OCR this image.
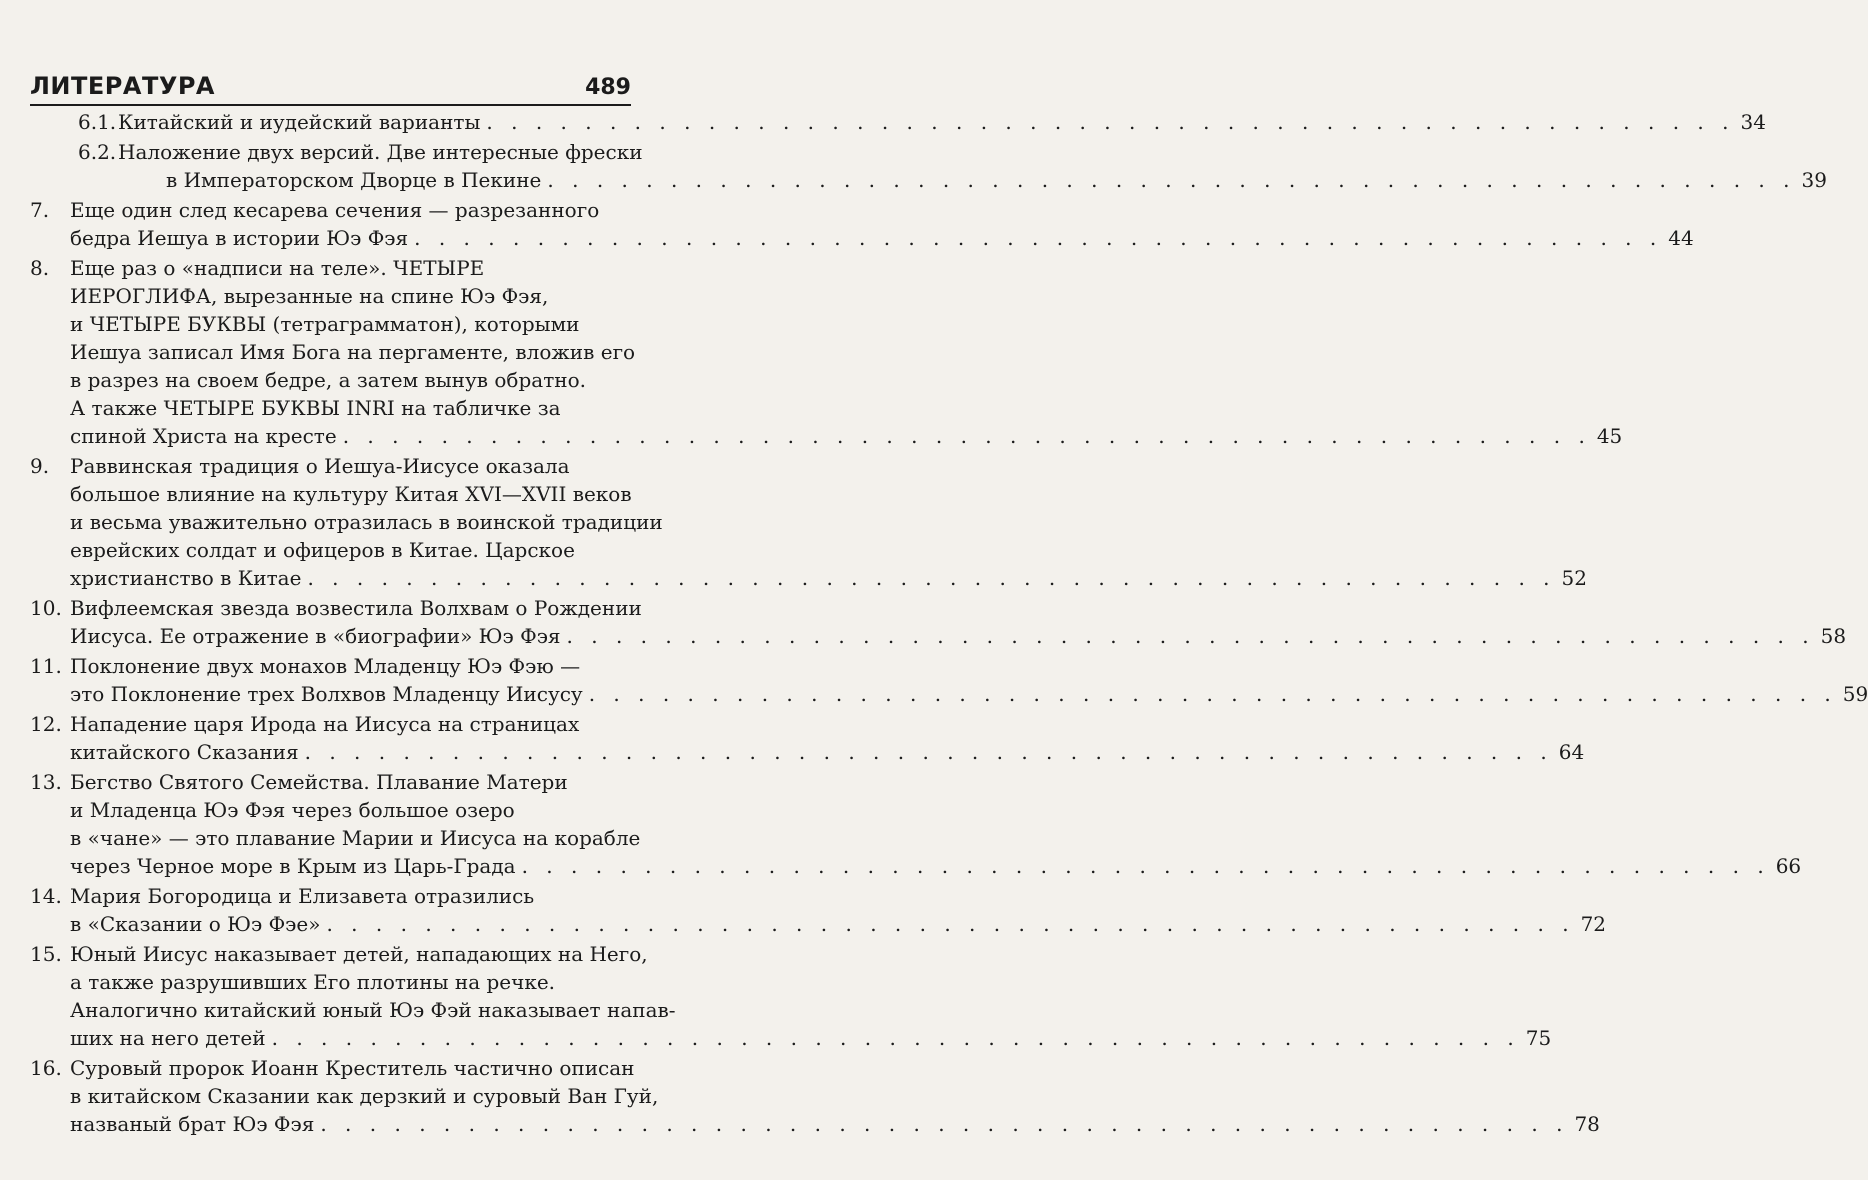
ЛИТЕРАТУРА	489
6.1. Китайский и иудейский варианты . . .	34
6.2. Наложение двух версий. Две интересные фрески
в Императорском Дворце в Пекине . . .	39
7.	Еще один след кесарева сечения — разрезанного
бедра Иешуа в истории Юэ Фэя . . .	44
8.	Еще раз о «надписи на теле». ЧЕТЫРЕ
ИЕРОГЛИФА, вырезанные на спине Юэ Фэя,
и ЧЕТЫРЕ БУКВЫ (тетраграмматон), которыми
Иешуа записал Имя Бога на пергаменте, вложив его
в разрез на своем бедре, а затем вынув обратно.
А также ЧЕТЫРЕ БУКВЫ INRI на табличке за
спиной Христа на кресте . . .	45
9.	Раввинская традиция о Иешуа-Иисусе оказала
большое влияние на культуру Китая XVI—XVII веков
и весьма уважительно отразилась в воинской традиции
еврейских солдат и офицеров в Китае. Царское
христианство в Китае . . .	52
10. Вифлеемская звезда возвестила Волхвам о Рождении
Иисуса. Ее отражение в «биографии» Юэ Фэя . . .	58
11. Поклонение двух монахов Младенцу Юэ Фэю —
это Поклонение трех Волхвов Младенцу Иисусу . . .	59
12. Нападение царя Ирода на Иисуса на страницах
китайского Сказания . . .	64
13. Бегство Святого Семейства. Плавание Матери
и Младенца Юэ Фэя через большое озеро
в «чане» — это плавание Марии и Иисуса на корабле
через Черное море в Крым из Царь-Града . . .	66
14. Мария Богородица и Елизавета отразились
в «Сказании о Юэ Фэе» . . .	72
15. Юный Иисус наказывает детей, нападающих на Него,
а также разрушивших Его плотины на речке.
Аналогично китайский юный Юэ Фэй наказывает напав-
ших на него детей . . .	75
16. Суровый пророк Иоанн Креститель частично описан
в китайском Сказании как дерзкий и суровый Ван Гуй,
названый брат Юэ Фэя . . .	78
